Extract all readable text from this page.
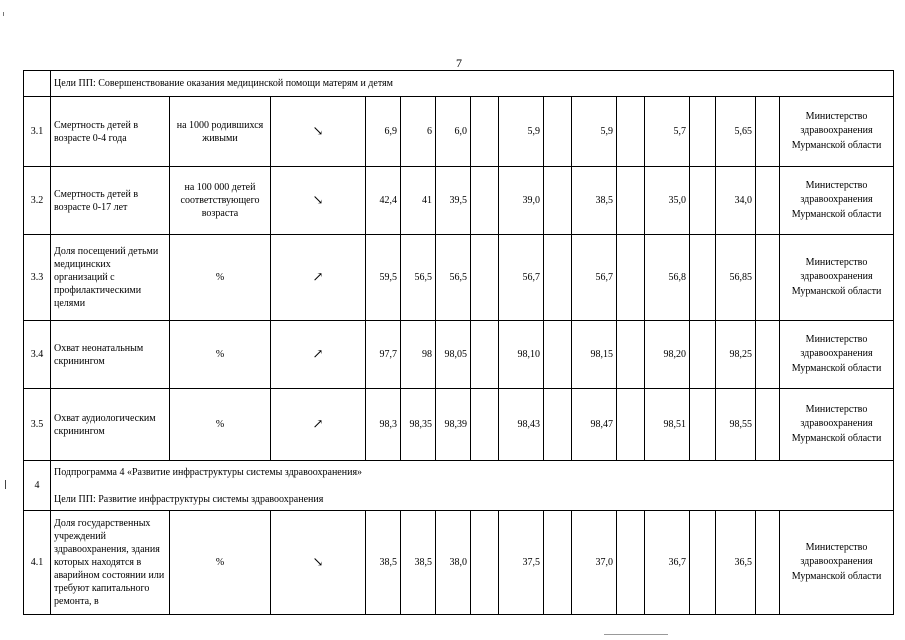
7
	Цели ПП: Совершенствование оказания медицинской помощи матерям и детям															
3.1	Смертность детей в возрасте 0-4 года	на 1000 родившихся живыми	↘	6,9	6	6,0		5,9		5,9		5,7		5,65		Министерство здравоохранения Мурманской области
3.2	Смертность детей в возрасте 0-17 лет	на 100 000 детей соответствующего возраста	↘	42,4	41	39,5		39,0		38,5		35,0		34,0		Министерство здравоохранения Мурманской области
3.3	Доля посещений детьми медицинских организаций с профилактическими целями	%	↗	59,5	56,5	56,5		56,7		56,7		56,8		56,85		Министерство здравоохранения Мурманской области
3.4	Охват неонатальным скринингом	%	↗	97,7	98	98,05		98,10		98,15		98,20		98,25		Министерство здравоохранения Мурманской области
3.5	Охват аудиологическим скринингом	%	↗	98,3	98,35	98,39		98,43		98,47		98,51		98,55		Министерство здравоохранения Мурманской области
4	Подпрограмма 4 «Развитие инфраструктуры системы здравоохранения»
Цели ПП: Развитие инфраструктуры системы здравоохранения															

4.1	Доля государственных учреждений здравоохранения, здания которых находятся в аварийном состоянии или требуют капитального ремонта, в	%	↘	38,5	38,5	38,0		37,5		37,0		36,7		36,5		Министерство здравоохранения Мурманской области
